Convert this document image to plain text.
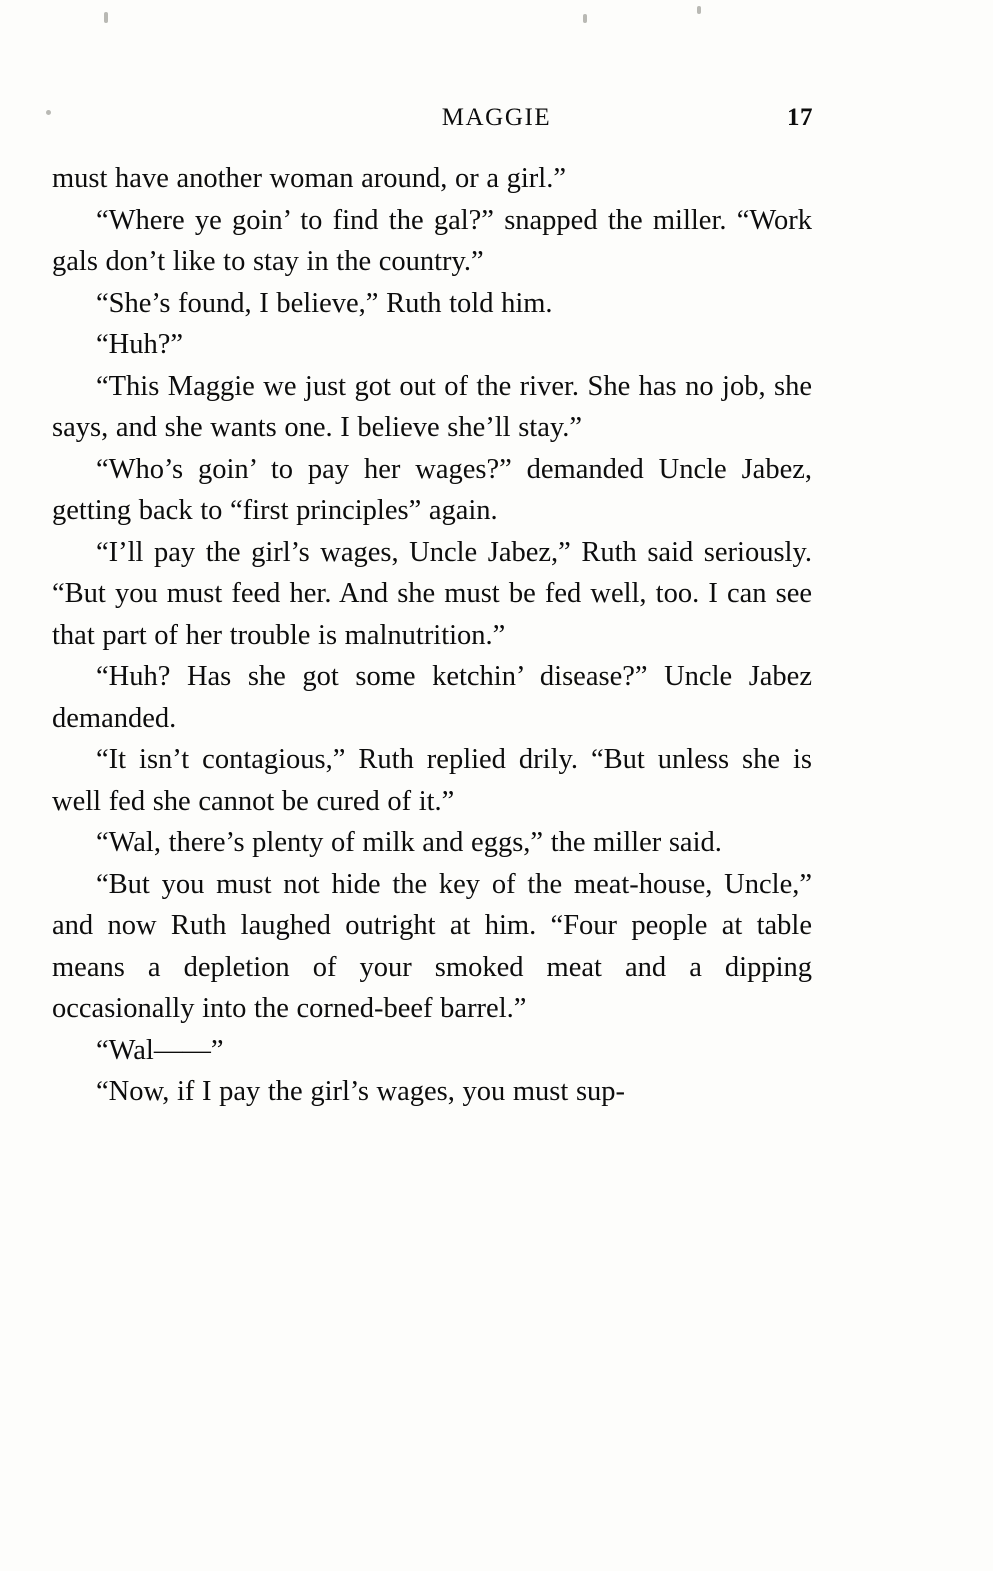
MAGGIE	17

must have another woman around, or a girl.”

“Where ye goin’ to find the gal?” snapped the miller. “Work gals don’t like to stay in the country.”

“She’s found, I believe,” Ruth told him.

“Huh?”

“This Maggie we just got out of the river. She has no job, she says, and she wants one. I believe she’ll stay.”

“Who’s goin’ to pay her wages?” demanded Uncle Jabez, getting back to “first principles” again.

“I’ll pay the girl’s wages, Uncle Jabez,” Ruth said seriously. “But you must feed her. And she must be fed well, too. I can see that part of her trouble is malnutrition.”

“Huh? Has she got some ketchin’ disease?” Uncle Jabez demanded.

“It isn’t contagious,” Ruth replied drily. “But unless she is well fed she cannot be cured of it.”

“Wal, there’s plenty of milk and eggs,” the miller said.

“But you must not hide the key of the meat-house, Uncle,” and now Ruth laughed outright at him. “Four people at table means a depletion of your smoked meat and a dipping occasionally into the corned-beef barrel.”

“Wal——”

“Now, if I pay the girl’s wages, you must sup-
